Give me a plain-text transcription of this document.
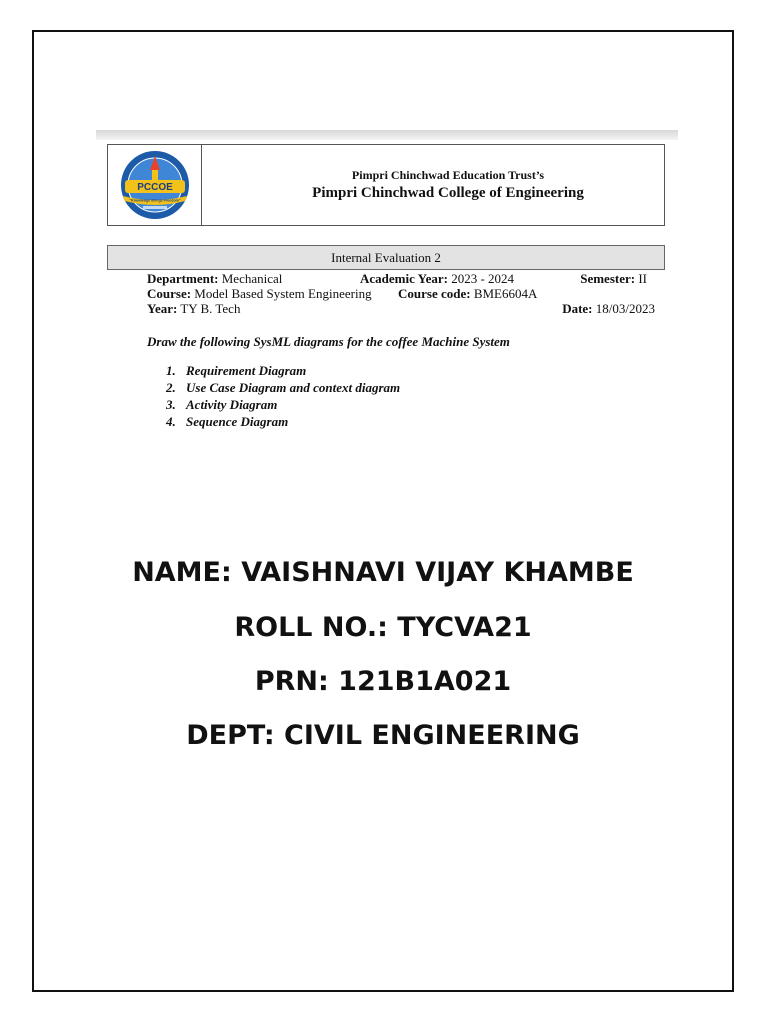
PCCOE
"Knowledge Brings Freedom"
Pimpri Chinchwad Education Trust’s
Pimpri Chinchwad College of Engineering
Internal Evaluation 2
Department: Mechanical	Academic Year: 2023 - 2024	Semester: II
Course: Model Based System Engineering Course code: BME6604A
Year: TY B. Tech	Date: 18/03/2023
Draw the following SysML diagrams for the coffee Machine System
1. Requirement Diagram
2. Use Case Diagram and context diagram
3. Activity Diagram
4. Sequence Diagram
NAME: VAISHNAVI VIJAY KHAMBE
ROLL NO.: TYCVA21
PRN: 121B1A021
DEPT: CIVIL ENGINEERING
